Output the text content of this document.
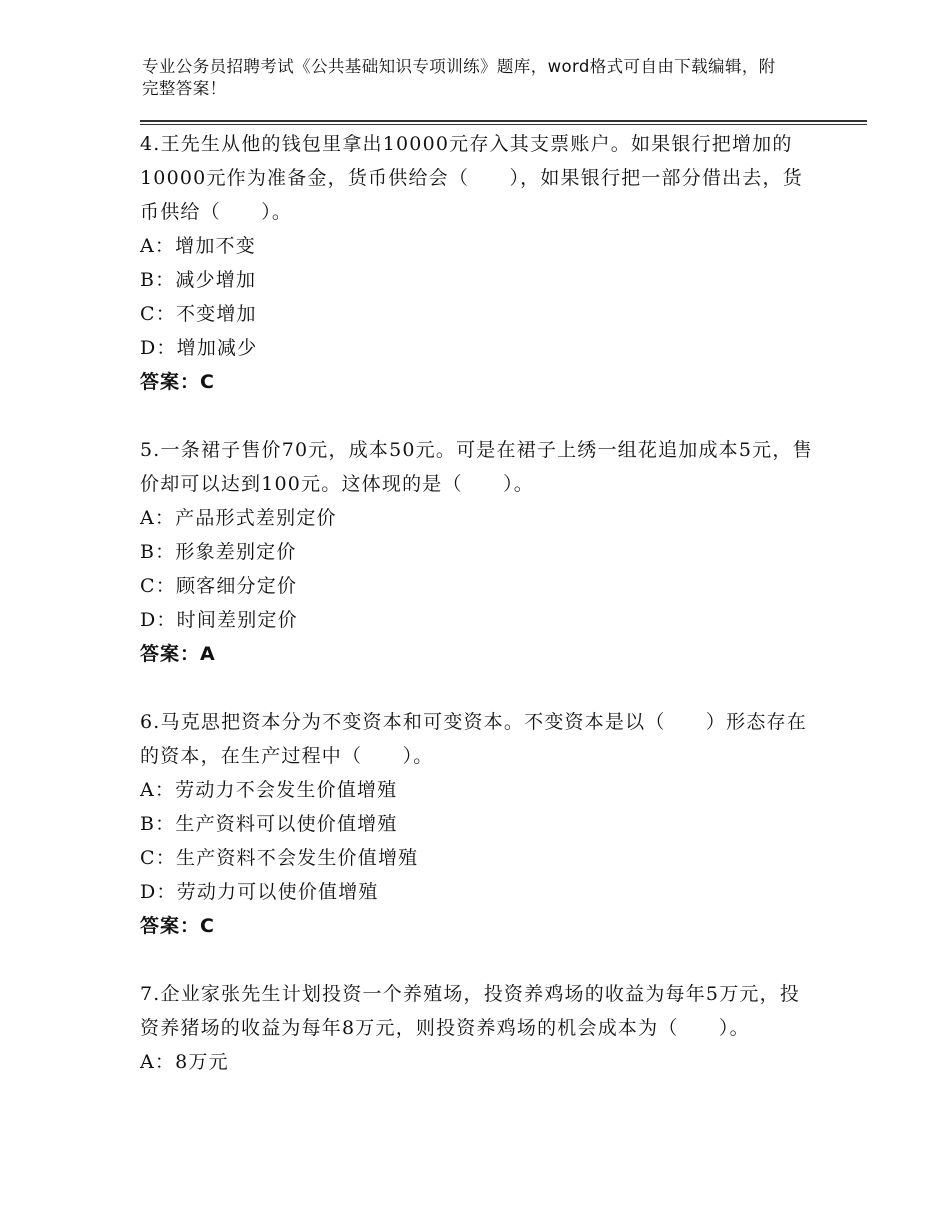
专业公务员招聘考试《公共基础知识专项训练》题库，word格式可自由下载编辑，附完整答案！

4.王先生从他的钱包里拿出10000元存入其支票账户。如果银行把增加的10000元作为准备金，货币供给会（　　），如果银行把一部分借出去，货币供给（　　）。

A：增加不变

B：减少增加

C：不变增加

D：增加减少

答案：C

5.一条裙子售价70元，成本50元。可是在裙子上绣一组花追加成本5元，售价却可以达到100元。这体现的是（　　）。

A：产品形式差别定价

B：形象差别定价

C：顾客细分定价

D：时间差别定价

答案：A

6.马克思把资本分为不变资本和可变资本。不变资本是以（　　）形态存在的资本，在生产过程中（　　）。

A：劳动力不会发生价值增殖

B：生产资料可以使价值增殖

C：生产资料不会发生价值增殖

D：劳动力可以使价值增殖

答案：C

7.企业家张先生计划投资一个养殖场，投资养鸡场的收益为每年5万元，投资养猪场的收益为每年8万元，则投资养鸡场的机会成本为（　　）。

A：8万元
